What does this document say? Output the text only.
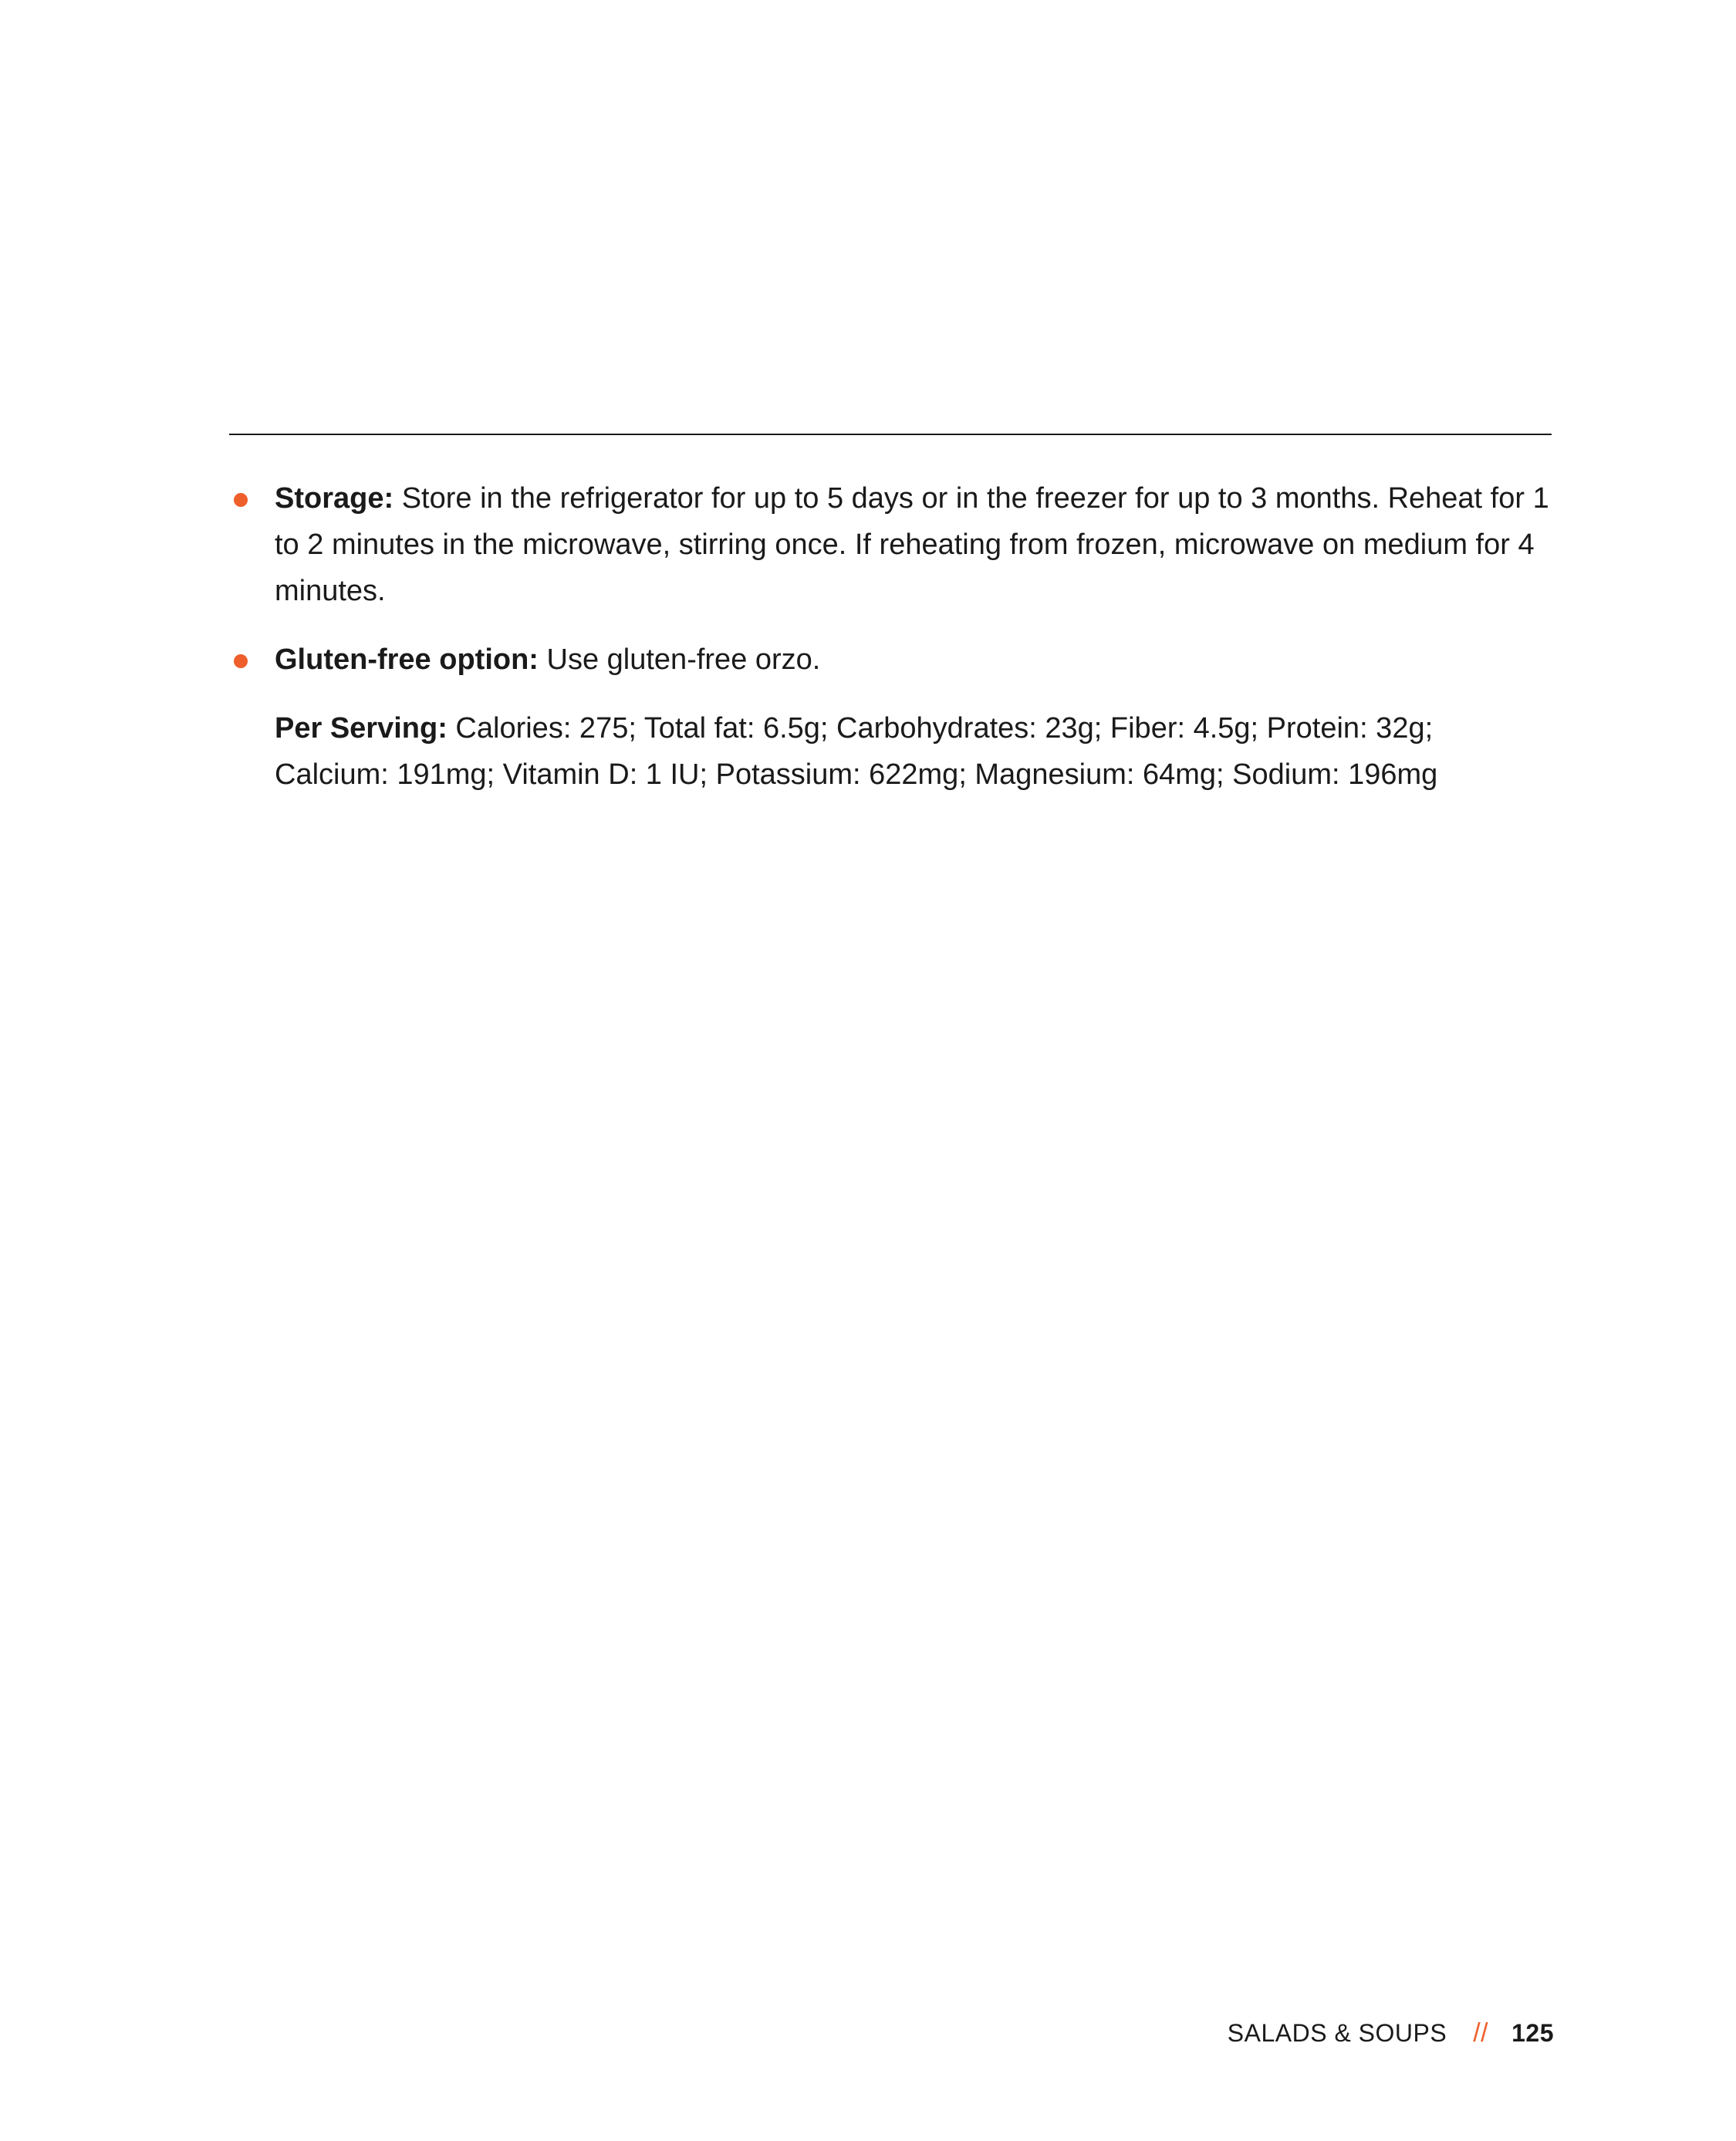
Storage: Store in the refrigerator for up to 5 days or in the freezer for up to 3 months. Reheat for 1 to 2 minutes in the microwave, stirring once. If reheating from frozen, microwave on medium for 4 minutes.

Gluten-free option: Use gluten-free orzo.

Per Serving: Calories: 275; Total fat: 6.5g; Carbohydrates: 23g; Fiber: 4.5g; Protein: 32g; Calcium: 191mg; Vitamin D: 1 IU; Potassium: 622mg; Magnesium: 64mg; Sodium: 196mg

SALADS & SOUPS // 125
